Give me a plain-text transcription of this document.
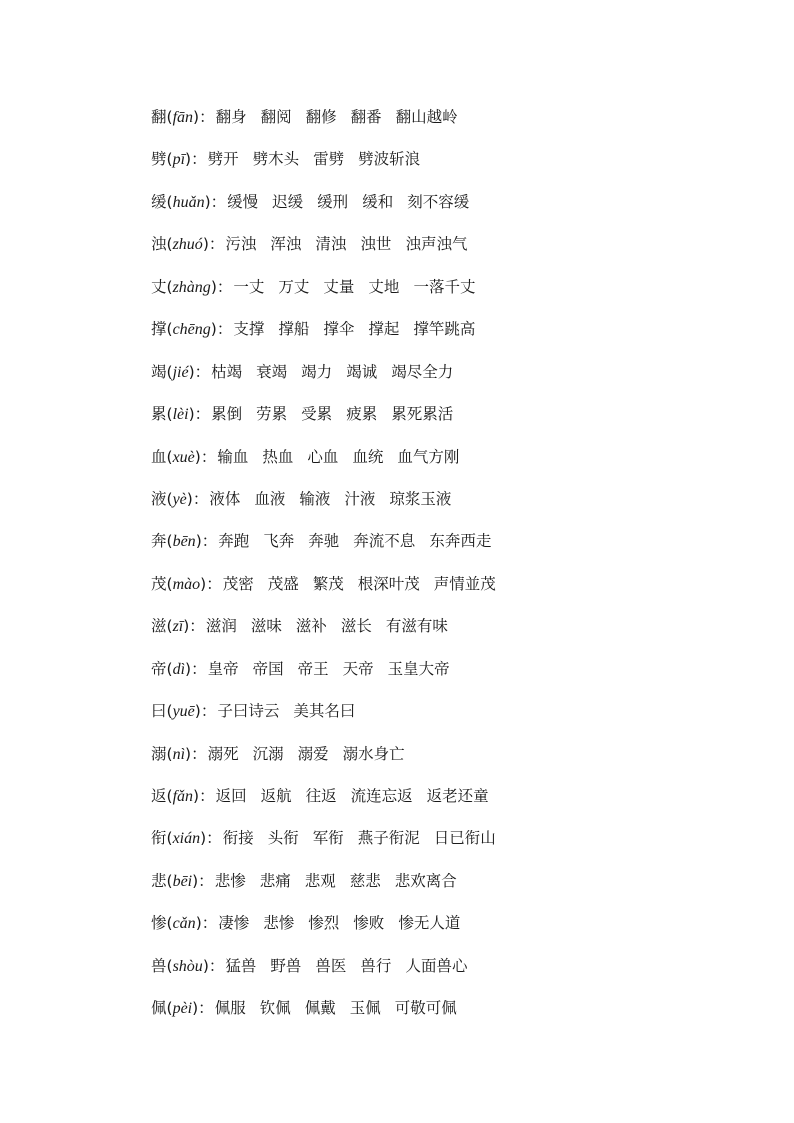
翻(fān)：翻身 翻阅 翻修 翻番 翻山越岭
劈(pī)：劈开 劈木头 雷劈 劈波斩浪
缓(huǎn)：缓慢 迟缓 缓刑 缓和 刻不容缓
浊(zhuó)：污浊 浑浊 清浊 浊世 浊声浊气
丈(zhàng)：一丈 万丈 丈量 丈地 一落千丈
撑(chēng)：支撑 撑船 撑伞 撑起 撑竿跳高
竭(jié)：枯竭 衰竭 竭力 竭诚 竭尽全力
累(lèi)：累倒 劳累 受累 疲累 累死累活
血(xuè)：输血 热血 心血 血统 血气方刚
液(yè)：液体 血液 输液 汁液 琼浆玉液
奔(bēn)：奔跑 飞奔 奔驰 奔流不息 东奔西走
茂(mào)：茂密 茂盛 繁茂 根深叶茂 声情並茂
滋(zī)：滋润 滋味 滋补 滋长 有滋有味
帝(dì)：皇帝 帝国 帝王 天帝 玉皇大帝
曰(yuē)：子曰诗云 美其名曰
溺(nì)：溺死 沉溺 溺爱 溺水身亡
返(fǎn)：返回 返航 往返 流连忘返 返老还童
衔(xián)：衔接 头衔 军衔 燕子衔泥 日已衔山
悲(bēi)：悲惨 悲痛 悲观 慈悲 悲欢离合
惨(cǎn)：凄惨 悲惨 惨烈 惨败 惨无人道
兽(shòu)：猛兽 野兽 兽医 兽行 人面兽心
佩(pèi)：佩服 钦佩 佩戴 玉佩 可敬可佩
